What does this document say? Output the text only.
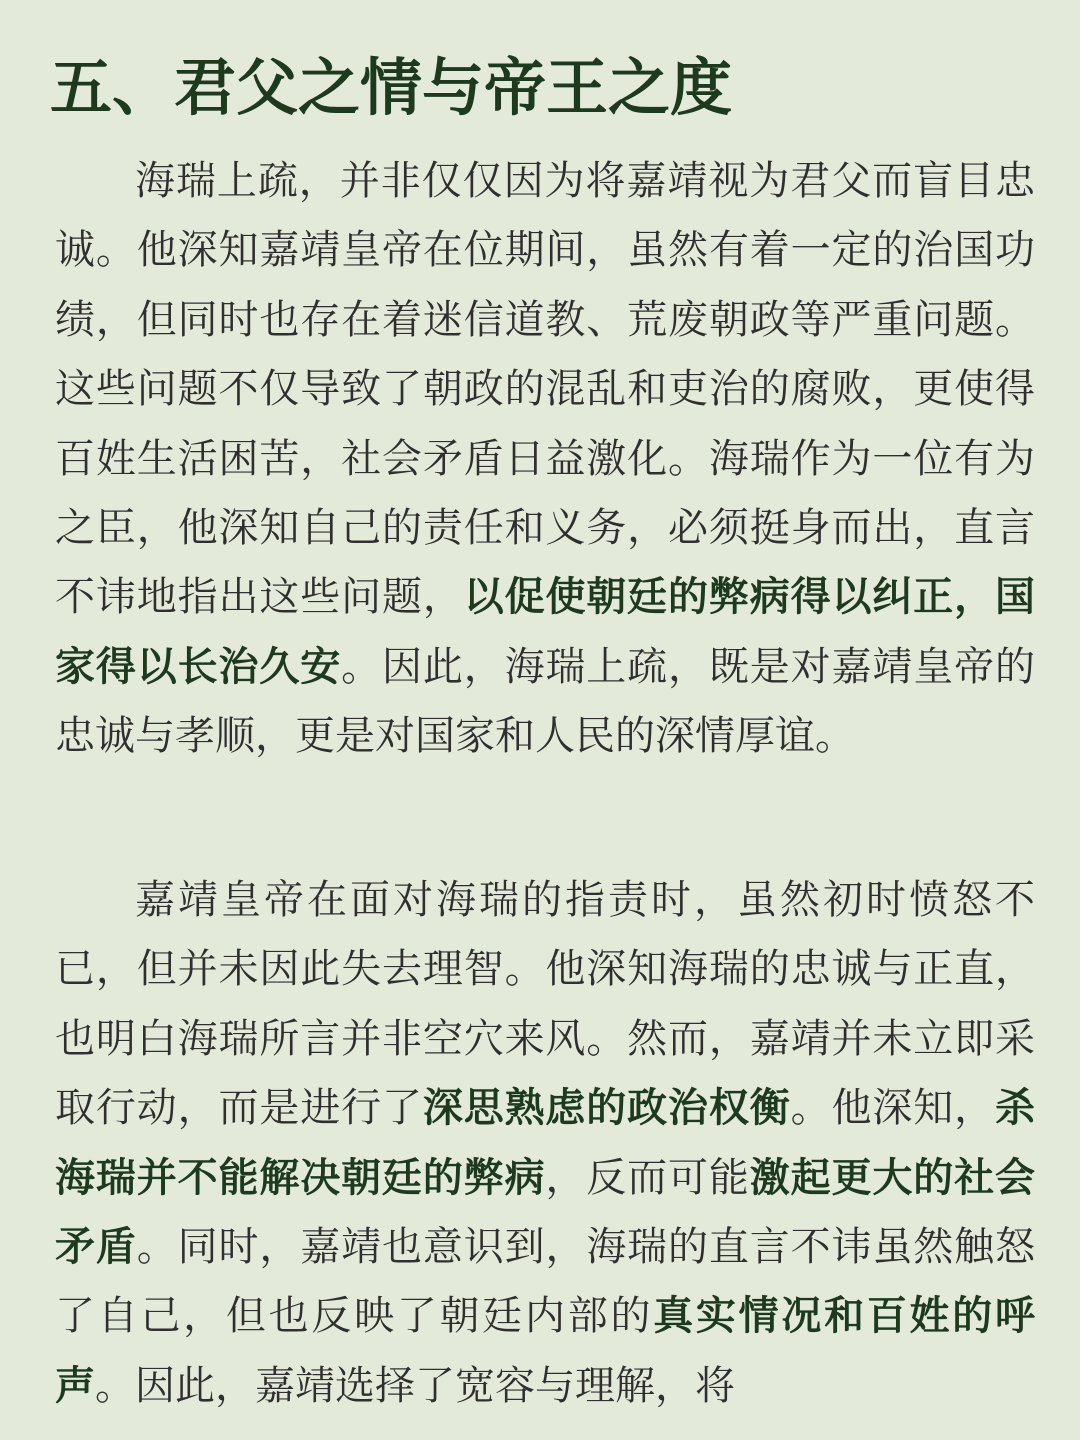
五、君父之情与帝王之度

海瑞上疏，并非仅仅因为将嘉靖视为君父而盲目忠诚。他深知嘉靖皇帝在位期间，虽然有着一定的治国功绩，但同时也存在着迷信道教、荒废朝政等严重问题。这些问题不仅导致了朝政的混乱和吏治的腐败，更使得百姓生活困苦，社会矛盾日益激化。海瑞作为一位有为之臣，他深知自己的责任和义务，必须挺身而出，直言不讳地指出这些问题，以促使朝廷的弊病得以纠正，国家得以长治久安。因此，海瑞上疏，既是对嘉靖皇帝的忠诚与孝顺，更是对国家和人民的深情厚谊。

嘉靖皇帝在面对海瑞的指责时，虽然初时愤怒不已，但并未因此失去理智。他深知海瑞的忠诚与正直，也明白海瑞所言并非空穴来风。然而，嘉靖并未立即采取行动，而是进行了深思熟虑的政治权衡。他深知，杀海瑞并不能解决朝廷的弊病，反而可能激起更大的社会矛盾。同时，嘉靖也意识到，海瑞的直言不讳虽然触怒了自己，但也反映了朝廷内部的真实情况和百姓的呼声。因此，嘉靖选择了宽容与理解，将
